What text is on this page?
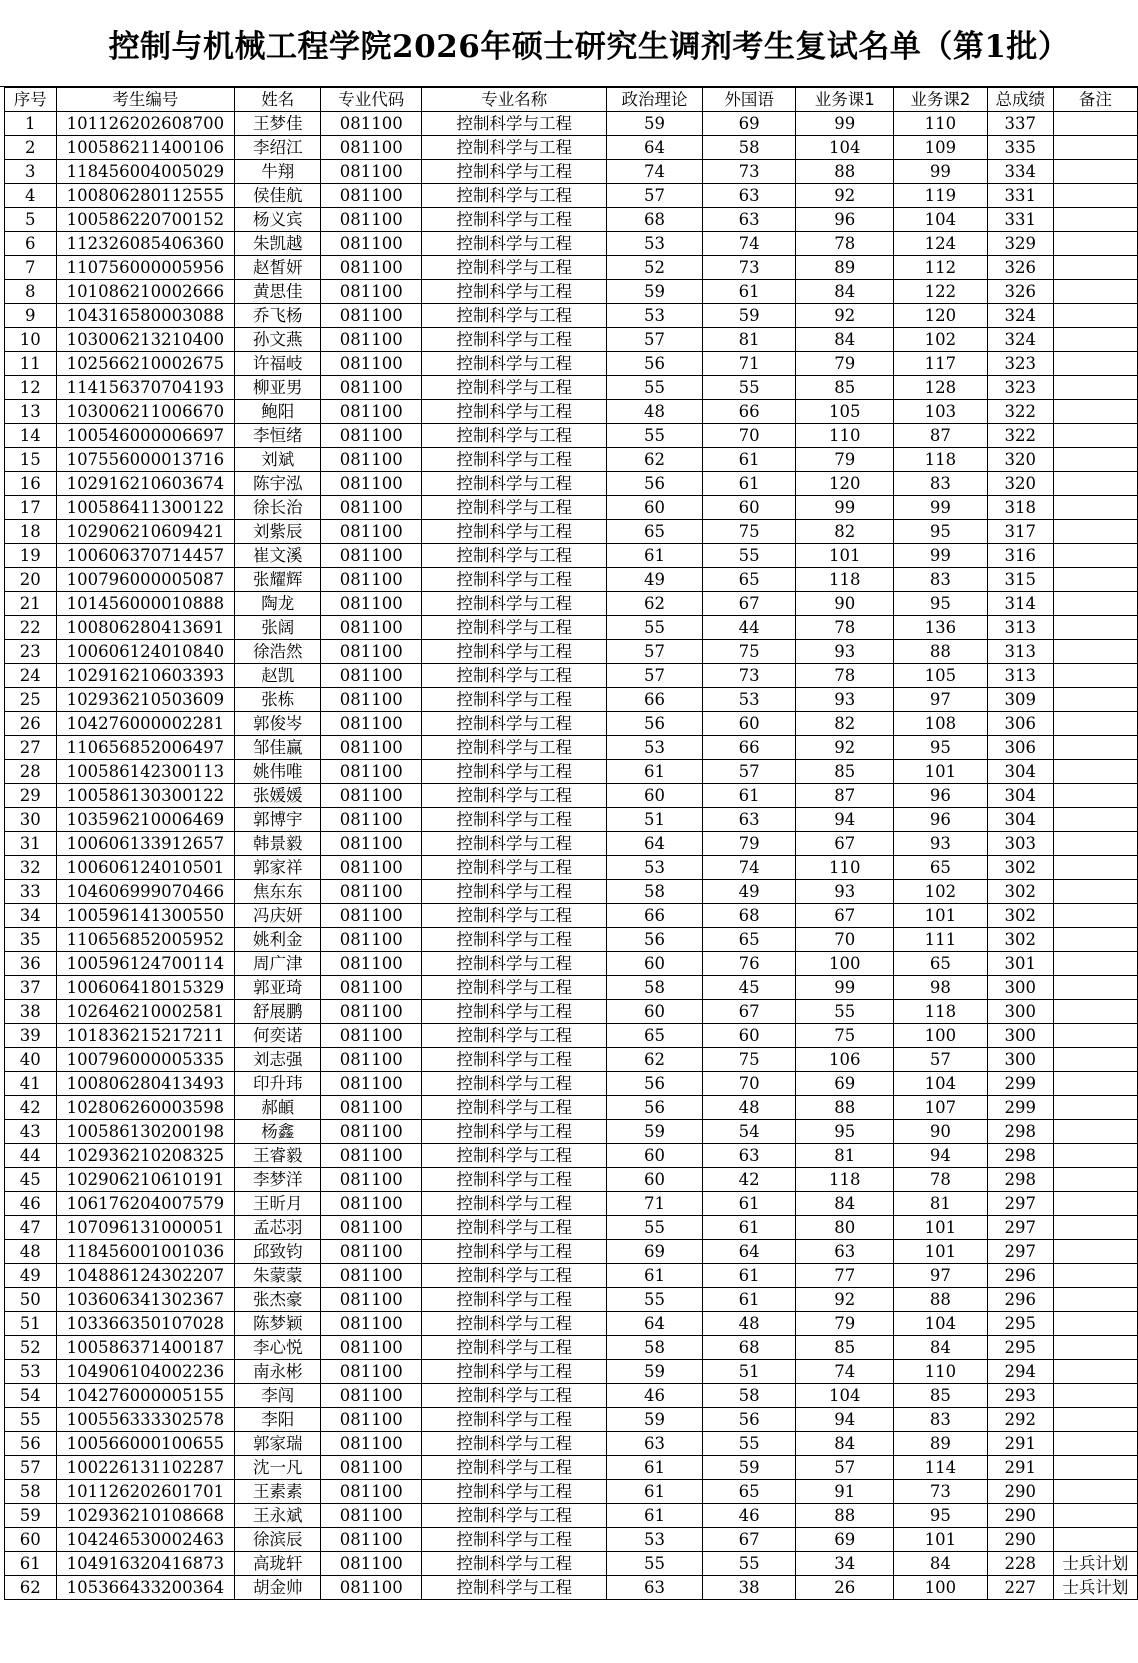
控制与机械工程学院2026年硕士研究生调剂考生复试名单（第1批）
序号	考生编号	姓名	专业代码	专业名称	政治理论	外国语	业务课1	业务课2	总成绩	备注
1	101126202608700	王梦佳	081100	控制科学与工程	59	69	99	110	337	
2	100586211400106	李绍江	081100	控制科学与工程	64	58	104	109	335	
3	118456004005029	牛翔	081100	控制科学与工程	74	73	88	99	334	
4	100806280112555	侯佳航	081100	控制科学与工程	57	63	92	119	331	
5	100586220700152	杨义宾	081100	控制科学与工程	68	63	96	104	331	
6	112326085406360	朱凯越	081100	控制科学与工程	53	74	78	124	329	
7	110756000005956	赵皙妍	081100	控制科学与工程	52	73	89	112	326	
8	101086210002666	黄思佳	081100	控制科学与工程	59	61	84	122	326	
9	104316580003088	乔飞杨	081100	控制科学与工程	53	59	92	120	324	
10	103006213210400	孙文燕	081100	控制科学与工程	57	81	84	102	324	
11	102566210002675	许福岐	081100	控制科学与工程	56	71	79	117	323	
12	114156370704193	柳亚男	081100	控制科学与工程	55	55	85	128	323	
13	103006211006670	鲍阳	081100	控制科学与工程	48	66	105	103	322	
14	100546000006697	李恒绪	081100	控制科学与工程	55	70	110	87	322	
15	107556000013716	刘斌	081100	控制科学与工程	62	61	79	118	320	
16	102916210603674	陈宇泓	081100	控制科学与工程	56	61	120	83	320	
17	100586411300122	徐长治	081100	控制科学与工程	60	60	99	99	318	
18	102906210609421	刘紫辰	081100	控制科学与工程	65	75	82	95	317	
19	100606370714457	崔文溪	081100	控制科学与工程	61	55	101	99	316	
20	100796000005087	张耀辉	081100	控制科学与工程	49	65	118	83	315	
21	101456000010888	陶龙	081100	控制科学与工程	62	67	90	95	314	
22	100806280413691	张阔	081100	控制科学与工程	55	44	78	136	313	
23	100606124010840	徐浩然	081100	控制科学与工程	57	75	93	88	313	
24	102916210603393	赵凯	081100	控制科学与工程	57	73	78	105	313	
25	102936210503609	张栋	081100	控制科学与工程	66	53	93	97	309	
26	104276000002281	郭俊岑	081100	控制科学与工程	56	60	82	108	306	
27	110656852006497	邹佳赢	081100	控制科学与工程	53	66	92	95	306	
28	100586142300113	姚伟唯	081100	控制科学与工程	61	57	85	101	304	
29	100586130300122	张媛媛	081100	控制科学与工程	60	61	87	96	304	
30	103596210006469	郭博宇	081100	控制科学与工程	51	63	94	96	304	
31	100606133912657	韩景毅	081100	控制科学与工程	64	79	67	93	303	
32	100606124010501	郭家祥	081100	控制科学与工程	53	74	110	65	302	
33	104606999070466	焦东东	081100	控制科学与工程	58	49	93	102	302	
34	100596141300550	冯庆妍	081100	控制科学与工程	66	68	67	101	302	
35	110656852005952	姚利金	081100	控制科学与工程	56	65	70	111	302	
36	100596124700114	周广津	081100	控制科学与工程	60	76	100	65	301	
37	100606418015329	郭亚琦	081100	控制科学与工程	58	45	99	98	300	
38	102646210002581	舒展鹏	081100	控制科学与工程	60	67	55	118	300	
39	101836215217211	何奕诺	081100	控制科学与工程	65	60	75	100	300	
40	100796000005335	刘志强	081100	控制科学与工程	62	75	106	57	300	
41	100806280413493	印升玮	081100	控制科学与工程	56	70	69	104	299	
42	102806260003598	郝頔	081100	控制科学与工程	56	48	88	107	299	
43	100586130200198	杨鑫	081100	控制科学与工程	59	54	95	90	298	
44	102936210208325	王睿毅	081100	控制科学与工程	60	63	81	94	298	
45	102906210610191	李梦洋	081100	控制科学与工程	60	42	118	78	298	
46	106176204007579	王昕月	081100	控制科学与工程	71	61	84	81	297	
47	107096131000051	孟芯羽	081100	控制科学与工程	55	61	80	101	297	
48	118456001001036	邱致钧	081100	控制科学与工程	69	64	63	101	297	
49	104886124302207	朱蒙蒙	081100	控制科学与工程	61	61	77	97	296	
50	103606341302367	张杰豪	081100	控制科学与工程	55	61	92	88	296	
51	103366350107028	陈梦颖	081100	控制科学与工程	64	48	79	104	295	
52	100586371400187	李心悦	081100	控制科学与工程	58	68	85	84	295	
53	104906104002236	南永彬	081100	控制科学与工程	59	51	74	110	294	
54	104276000005155	李闯	081100	控制科学与工程	46	58	104	85	293	
55	100556333302578	李阳	081100	控制科学与工程	59	56	94	83	292	
56	100566000100655	郭家瑞	081100	控制科学与工程	63	55	84	89	291	
57	100226131102287	沈一凡	081100	控制科学与工程	61	59	57	114	291	
58	101126202601701	王素素	081100	控制科学与工程	61	65	91	73	290	
59	102936210108668	王永斌	081100	控制科学与工程	61	46	88	95	290	
60	104246530002463	徐滨辰	081100	控制科学与工程	53	67	69	101	290	
61	104916320416873	高珑轩	081100	控制科学与工程	55	55	34	84	228	士兵计划
62	105366433200364	胡金帅	081100	控制科学与工程	63	38	26	100	227	士兵计划
